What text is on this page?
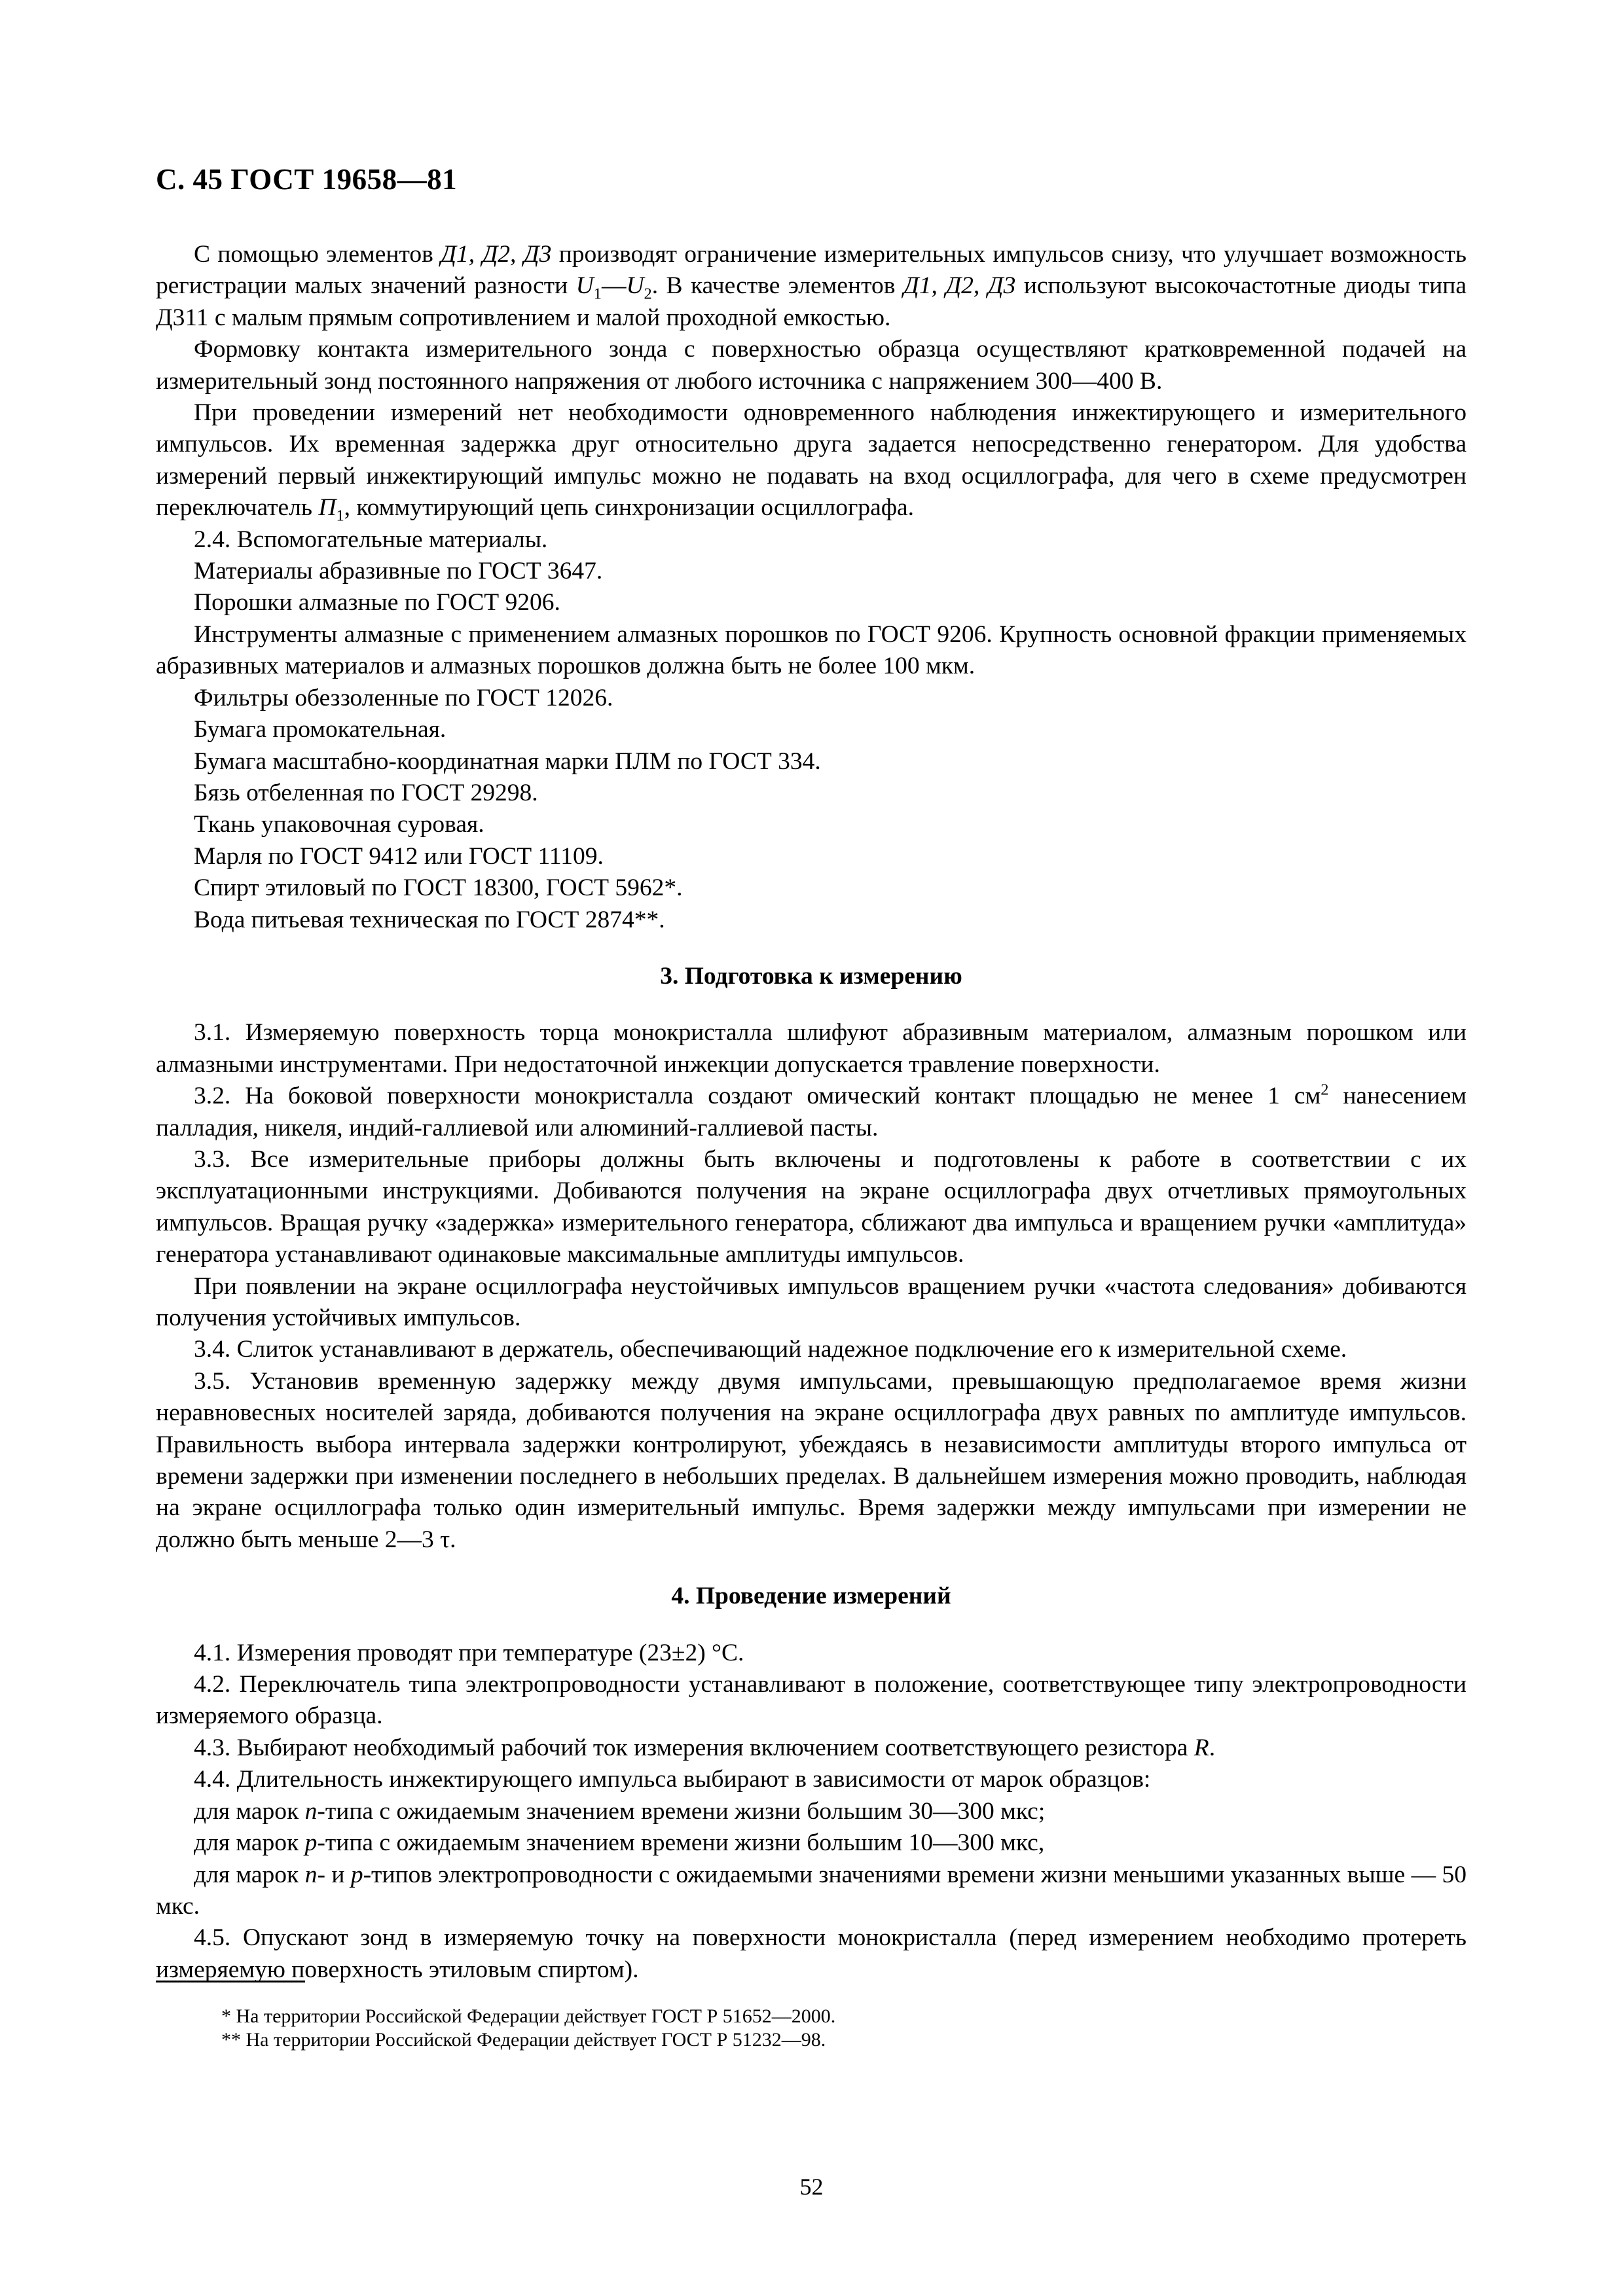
С. 45 ГОСТ 19658—81

С помощью элементов Д1, Д2, Д3 производят ограничение измерительных импульсов снизу, что улучшает возможность регистрации малых значений разности $U_1—U_2$. В качестве элементов Д1, Д2, Д3 используют высокочастотные диоды типа Д311 с малым прямым сопротивлением и малой проходной емкостью.

Формовку контакта измерительного зонда с поверхностью образца осуществляют кратковременной подачей на измерительный зонд постоянного напряжения от любого источника с напряжением 300—400 В.

При проведении измерений нет необходимости одновременного наблюдения инжектирующего и измерительного импульсов. Их временная задержка друг относительно друга задается непосредственно генератором. Для удобства измерений первый инжектирующий импульс можно не подавать на вход осциллографа, для чего в схеме предусмотрен переключатель $П_1$, коммутирующий цепь синхронизации осциллографа.

2.4. Вспомогательные материалы.

Материалы абразивные по ГОСТ 3647.

Порошки алмазные по ГОСТ 9206.

Инструменты алмазные с применением алмазных порошков по ГОСТ 9206. Крупность основной фракции применяемых абразивных материалов и алмазных порошков должна быть не более 100 мкм.

Фильтры обеззоленные по ГОСТ 12026.

Бумага промокательная.

Бумага масштабно-координатная марки ПЛМ по ГОСТ 334.

Бязь отбеленная по ГОСТ 29298.

Ткань упаковочная суровая.

Марля по ГОСТ 9412 или ГОСТ 11109.

Спирт этиловый по ГОСТ 18300, ГОСТ 5962*.

Вода питьевая техническая по ГОСТ 2874**.

3. Подготовка к измерению

3.1. Измеряемую поверхность торца монокристалла шлифуют абразивным материалом, алмазным порошком или алмазными инструментами. При недостаточной инжекции допускается травление поверхности.

3.2. На боковой поверхности монокристалла создают омический контакт площадью не менее 1 $см^2$ нанесением палладия, никеля, индий-галлиевой или алюминий-галлиевой пасты.

3.3. Все измерительные приборы должны быть включены и подготовлены к работе в соответствии с их эксплуатационными инструкциями. Добиваются получения на экране осциллографа двух отчетливых прямоугольных импульсов. Вращая ручку «задержка» измерительного генератора, сближают два импульса и вращением ручки «амплитуда» генератора устанавливают одинаковые максимальные амплитуды импульсов.

При появлении на экране осциллографа неустойчивых импульсов вращением ручки «частота следования» добиваются получения устойчивых импульсов.

3.4. Слиток устанавливают в держатель, обеспечивающий надежное подключение его к измерительной схеме.

3.5. Установив временную задержку между двумя импульсами, превышающую предполагаемое время жизни неравновесных носителей заряда, добиваются получения на экране осциллографа двух равных по амплитуде импульсов. Правильность выбора интервала задержки контролируют, убеждаясь в независимости амплитуды второго импульса от времени задержки при изменении последнего в небольших пределах. В дальнейшем измерения можно проводить, наблюдая на экране осциллографа только один измерительный импульс. Время задержки между импульсами при измерении не должно быть меньше 2—3 τ.

4. Проведение измерений

4.1. Измерения проводят при температуре (23±2) °С.

4.2. Переключатель типа электропроводности устанавливают в положение, соответствующее типу электропроводности измеряемого образца.

4.3. Выбирают необходимый рабочий ток измерения включением соответствующего резистора R.

4.4. Длительность инжектирующего импульса выбирают в зависимости от марок образцов:

для марок n-типа с ожидаемым значением времени жизни большим 30—300 мкс;

для марок p-типа с ожидаемым значением времени жизни большим 10—300 мкс,

для марок n- и p-типов электропроводности с ожидаемыми значениями времени жизни меньшими указанных выше — 50 мкс.

4.5. Опускают зонд в измеряемую точку на поверхности монокристалла (перед измерением необходимо протереть измеряемую поверхность этиловым спиртом).

* На территории Российской Федерации действует ГОСТ Р 51652—2000.

** На территории Российской Федерации действует ГОСТ Р 51232—98.

52
